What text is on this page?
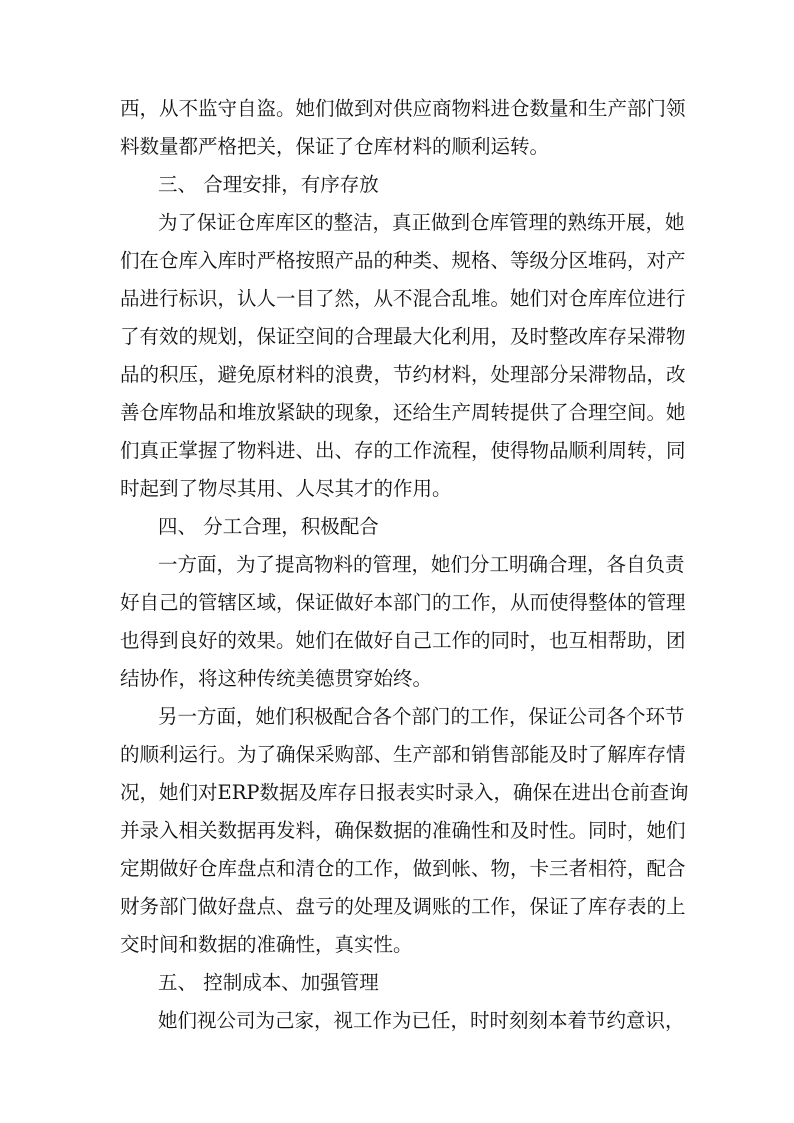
西，从不监守自盗。她们做到对供应商物料进仓数量和生产部门领
料数量都严格把关，保证了仓库材料的顺利运转。
三、 合理安排，有序存放
为了保证仓库库区的整洁，真正做到仓库管理的熟练开展，她
们在仓库入库时严格按照产品的种类、规格、等级分区堆码，对产
品进行标识，认人一目了然，从不混合乱堆。她们对仓库库位进行
了有效的规划，保证空间的合理最大化利用，及时整改库存呆滞物
品的积压，避免原材料的浪费，节约材料，处理部分呆滞物品，改
善仓库物品和堆放紧缺的现象，还给生产周转提供了合理空间。她
们真正掌握了物料进、出、存的工作流程，使得物品顺利周转，同
时起到了物尽其用、人尽其才的作用。
四、 分工合理，积极配合
一方面，为了提高物料的管理，她们分工明确合理，各自负责
好自己的管辖区域，保证做好本部门的工作，从而使得整体的管理
也得到良好的效果。她们在做好自己工作的同时，也互相帮助，团
结协作，将这种传统美德贯穿始终。
另一方面，她们积极配合各个部门的工作，保证公司各个环节
的顺利运行。为了确保采购部、生产部和销售部能及时了解库存情
况，她们对ERP数据及库存日报表实时录入，确保在进出仓前查询
并录入相关数据再发料，确保数据的准确性和及时性。同时，她们
定期做好仓库盘点和清仓的工作，做到帐、物，卡三者相符，配合
财务部门做好盘点、盘亏的处理及调账的工作，保证了库存表的上
交时间和数据的准确性，真实性。
五、 控制成本、加强管理
她们视公司为己家，视工作为已任，时时刻刻本着节约意识，
